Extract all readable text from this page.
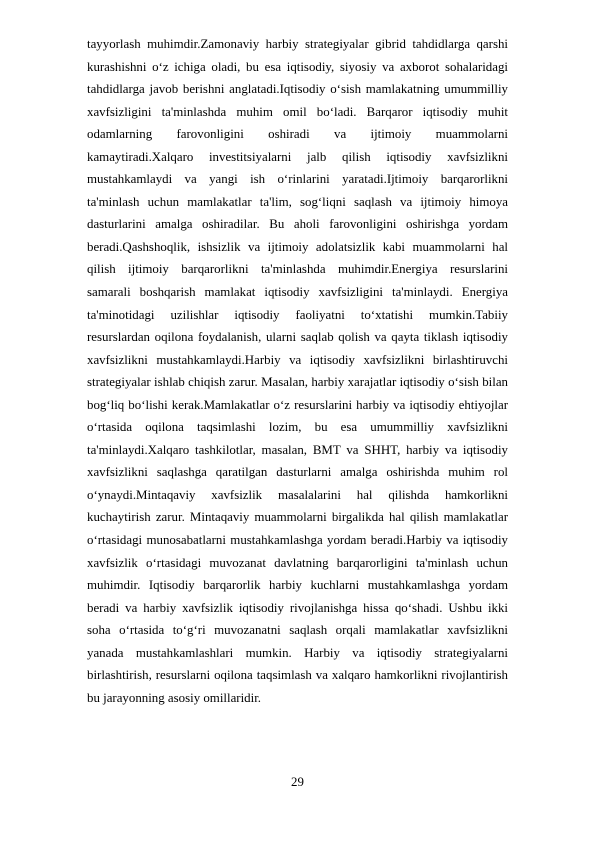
tayyorlash muhimdir.Zamonaviy harbiy strategiyalar gibrid tahdidlarga qarshi kurashishni o‘z ichiga oladi, bu esa iqtisodiy, siyosiy va axborot sohalaridagi tahdidlarga javob berishni anglatadi.Iqtisodiy o‘sish mamlakatning umummilliy xavfsizligini ta'minlashda muhim omil bo‘ladi. Barqaror iqtisodiy muhit odamlarning farovonligini oshiradi va ijtimoiy muammolarni kamaytiradi.Xalqaro investitsiyalarni jalb qilish iqtisodiy xavfsizlikni mustahkamlaydi va yangi ish o‘rinlarini yaratadi.Ijtimoiy barqarorlikni ta'minlash uchun mamlakatlar ta'lim, sog‘liqni saqlash va ijtimoiy himoya dasturlarini amalga oshiradilar. Bu aholi farovonligini oshirishga yordam beradi.Qashshoqlik, ishsizlik va ijtimoiy adolatsizlik kabi muammolarni hal qilish ijtimoiy barqarorlikni ta'minlashda muhimdir.Energiya resurslarini samarali boshqarish mamlakat iqtisodiy xavfsizligini ta'minlaydi. Energiya ta'minotidagi uzilishlar iqtisodiy faoliyatni to‘xtatishi mumkin.Tabiiy resurslardan oqilona foydalanish, ularni saqlab qolish va qayta tiklash iqtisodiy xavfsizlikni mustahkamlaydi.Harbiy va iqtisodiy xavfsizlikni birlashtiruvchi strategiyalar ishlab chiqish zarur. Masalan, harbiy xarajatlar iqtisodiy o‘sish bilan bog‘liq bo‘lishi kerak.Mamlakatlar o‘z resurslarini harbiy va iqtisodiy ehtiyojlar o‘rtasida oqilona taqsimlashi lozim, bu esa umummilliy xavfsizlikni ta'minlaydi.Xalqaro tashkilotlar, masalan, BMT va SHHT, harbiy va iqtisodiy xavfsizlikni saqlashga qaratilgan dasturlarni amalga oshirishda muhim rol o‘ynaydi.Mintaqaviy xavfsizlik masalalarini hal qilishda hamkorlikni kuchaytirish zarur. Mintaqaviy muammolarni birgalikda hal qilish mamlakatlar o‘rtasidagi munosabatlarni mustahkamlashga yordam beradi.Harbiy va iqtisodiy xavfsizlik o‘rtasidagi muvozanat davlatning barqarorligini ta'minlash uchun muhimdir. Iqtisodiy barqarorlik harbiy kuchlarni mustahkamlashga yordam beradi va harbiy xavfsizlik iqtisodiy rivojlanishga hissa qo‘shadi. Ushbu ikki soha o‘rtasida to‘g‘ri muvozanatni saqlash orqali mamlakatlar xavfsizlikni yanada mustahkamlashlari mumkin. Harbiy va iqtisodiy strategiyalarni birlashtirish, resurslarni oqilona taqsimlash va xalqaro hamkorlikni rivojlantirish bu jarayonning asosiy omillaridir.

29
